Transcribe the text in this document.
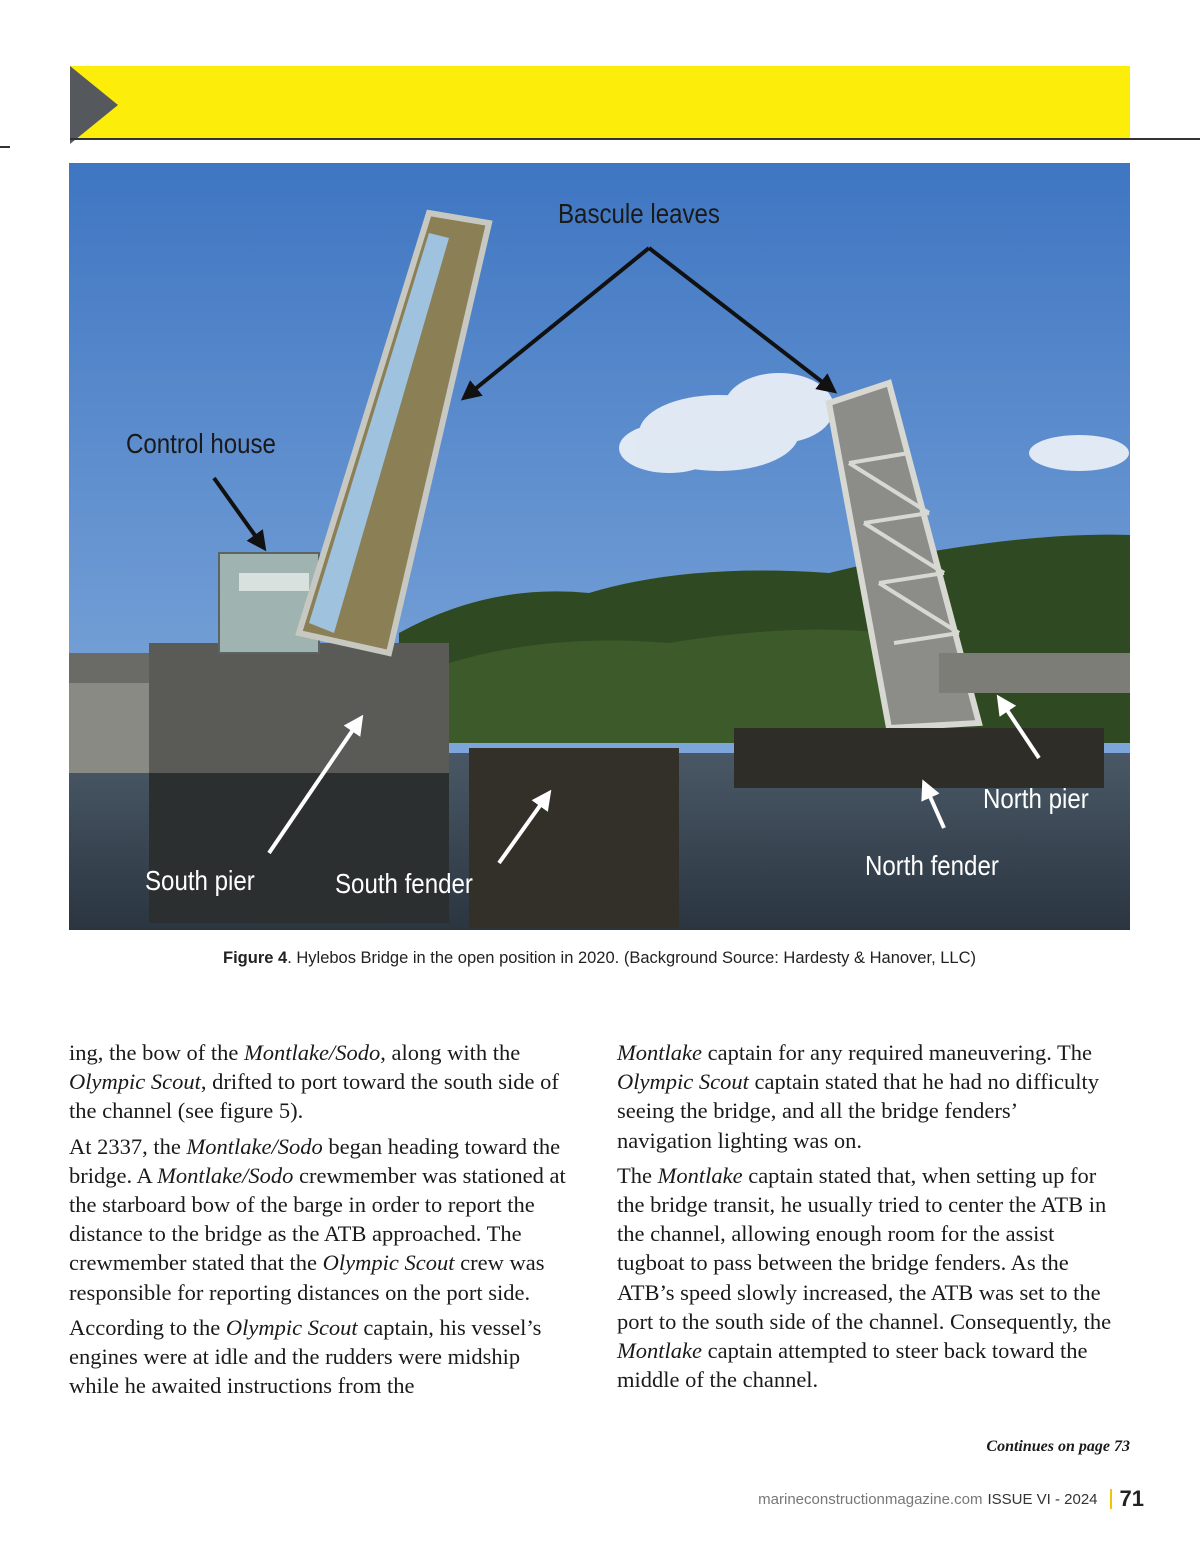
Bascule leaves
Control house
South pier	South fender
North fender
North pier
Figure 4. Hylebos Bridge in the open position in 2020. (Background Source: Hardesty & Hanover, LLC)

ing, the bow of the Montlake/Sodo, along with the Olympic Scout, drifted to port toward the south side of the channel (see figure 5).

At 2337, the Montlake/Sodo began heading toward the bridge. A Montlake/Sodo crewmember was stationed at the starboard bow of the barge in order to report the distance to the bridge as the ATB approached. The crewmember stated that the Olympic Scout crew was responsible for reporting distances on the port side.

According to the Olympic Scout captain, his vessel’s engines were at idle and the rudders were midship while he awaited instructions from the

Montlake captain for any required maneuvering. The Olympic Scout captain stated that he had no difficulty seeing the bridge, and all the bridge fenders’ navigation lighting was on.

The Montlake captain stated that, when setting up for the bridge transit, he usually tried to center the ATB in the channel, allowing enough room for the assist tugboat to pass between the bridge fenders. As the ATB’s speed slowly increased, the ATB was set to the port to the south side of the channel. Consequently, the Montlake captain attempted to steer back toward the middle of the channel.

Continues on page 73
marineconstructionmagazine.com ISSUE VI - 2024 71
